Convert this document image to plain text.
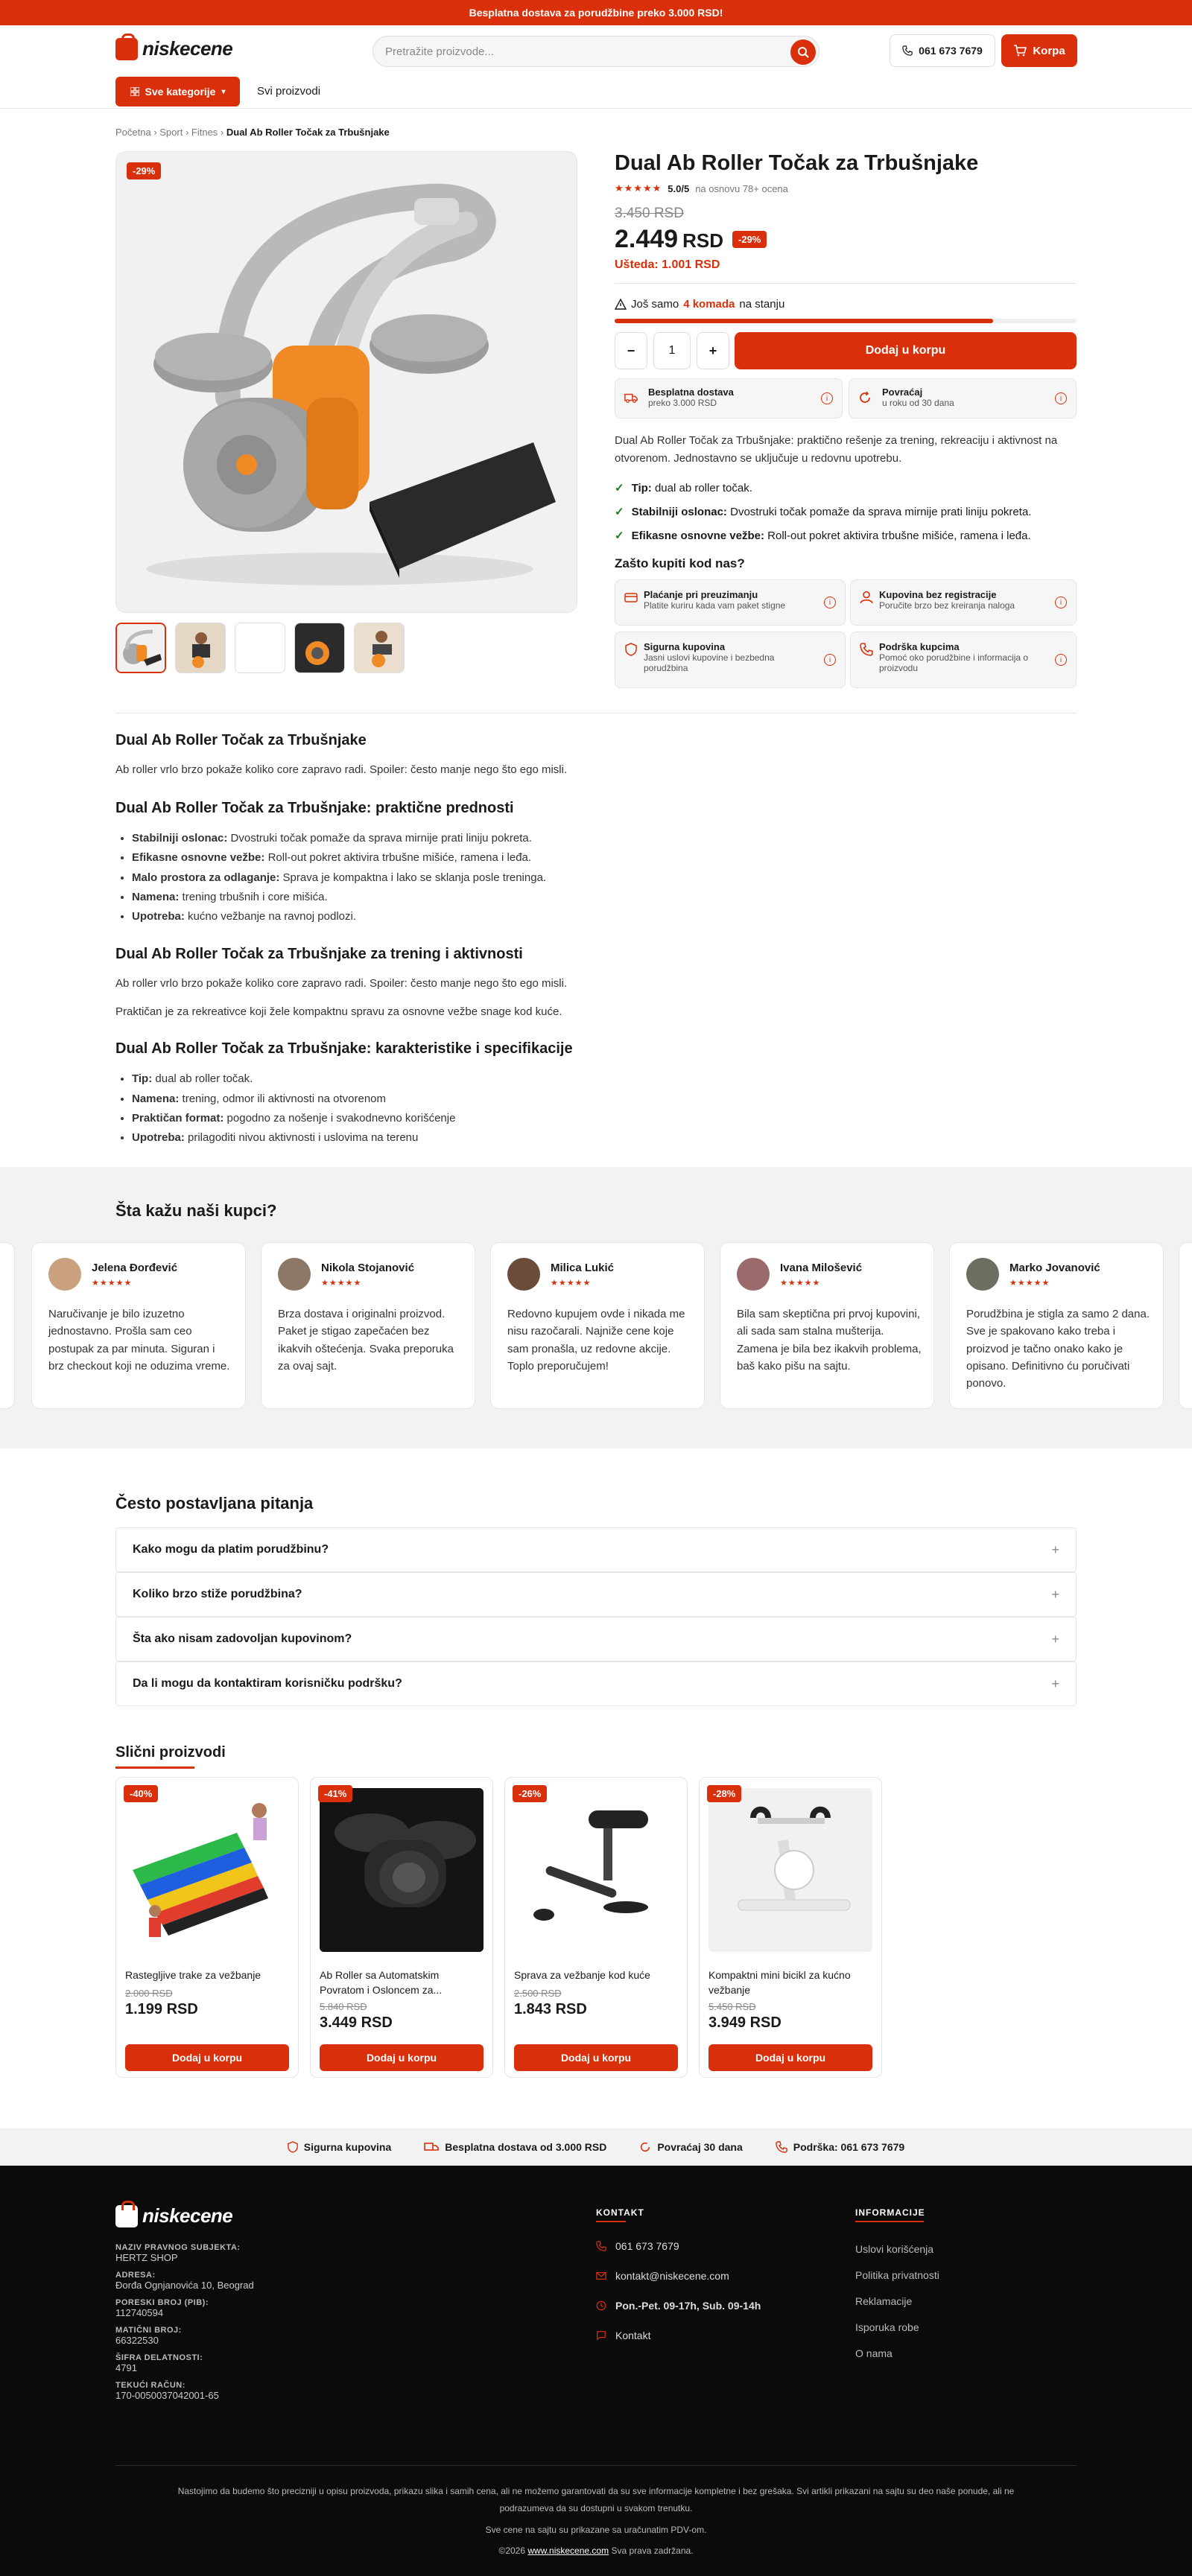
Besplatna dostava za porudžbine preko 3.000 RSD!
niskecene	Pretražite proizvode...	061 673 7679	Korpa
Sve kategorije ▾	Svi proizvodi
Početna › Sport › Fitnes › Dual Ab Roller Točak za Trbušnjake
-29%	Dual Ab Roller Točak za Trbušnjake
★★★★★ 5.0/5 na osnovu 78+ ocena
3.450 RSD
2.449 RSD	-29%
Ušteda: 1.001 RSD
Još samo 4 komada na stanju
−	1	+	Dodaj u korpu
Besplatna dostava
preko 3.000 RSD	i
Povraćaj
u roku od 30 dana	i
Dual Ab Roller Točak za Trbušnjake: praktično rešenje za trening, rekreaciju i aktivnost na otvorenom. Jednostavno se uključuje u redovnu upotrebu.
✓ Tip: dual ab roller točak.
✓ Stabilniji oslonac: Dvostruki točak pomaže da sprava mirnije prati liniju pokreta.
✓ Efikasne osnovne vežbe: Roll-out pokret aktivira trbušne mišiće, ramena i leđa.
Zašto kupiti kod nas?
Plaćanje pri preuzimanju
Platite kuriru kada vam paket stigne	i
Kupovina bez registracije
Poručite brzo bez kreiranja naloga	i
Sigurna kupovina
Jasni uslovi kupovine i bezbedna porudžbina
i
Podrška kupcima
Pomoć oko porudžbine i informacija o proizvodu
i
Dual Ab Roller Točak za Trbušnjake

Ab roller vrlo brzo pokaže koliko core zapravo radi. Spoiler: često manje nego što ego misli.

Dual Ab Roller Točak za Trbušnjake: praktične prednosti
• Stabilniji oslonac: Dvostruki točak pomaže da sprava mirnije prati liniju pokreta.
• Efikasne osnovne vežbe: Roll-out pokret aktivira trbušne mišiće, ramena i leđa.
• Malo prostora za odlaganje: Sprava je kompaktna i lako se sklanja posle treninga.
• Namena: trening trbušnih i core mišića.
• Upotreba: kućno vežbanje na ravnoj podlozi.
Dual Ab Roller Točak za Trbušnjake za trening i aktivnosti

Ab roller vrlo brzo pokaže koliko core zapravo radi. Spoiler: često manje nego što ego misli.

Praktičan je za rekreativce koji žele kompaktnu spravu za osnovne vežbe snage kod kuće.

Dual Ab Roller Točak za Trbušnjake: karakteristike i specifikacije
• Tip: dual ab roller točak.
• Namena: trening, odmor ili aktivnosti na otvorenom
• Praktičan format: pogodno za nošenje i svakodnevno korišćenje
• Upotreba: prilagoditi nivou aktivnosti i uslovima na terenu
Šta kažu naši kupci?
Jelena Đorđević
★★★★★
Naručivanje je bilo izuzetno jednostavno. Prošla sam ceo postupak za par minuta. Siguran i brz checkout koji ne oduzima vreme.
Nikola Stojanović
★★★★★
Brza dostava i originalni proizvod. Paket je stigao zapečaćen bez ikakvih oštećenja. Svaka preporuka za ovaj sajt.
Milica Lukić
★★★★★
Redovno kupujem ovde i nikada me nisu razočarali. Najniže cene koje sam pronašla, uz redovne akcije. Toplo preporučujem!
Ivana Milošević
★★★★★
Bila sam skeptična pri prvoj kupovini, ali sada sam stalna mušterija. Zamena je bila bez ikakvih problema, baš kako pišu na sajtu.
Marko Jovanović
★★★★★
Porudžbina je stigla za samo 2 dana. Sve je spakovano kako treba i proizvod je tačno onako kako je opisano. Definitivno ću poručivati ponovo.
Često postavljana pitanja
Kako mogu da platim porudžbinu?	+
Koliko brzo stiže porudžbina?	+
Šta ako nisam zadovoljan kupovinom?	+
Da li mogu da kontaktiram korisničku podršku?	+
Slični proizvodi
-40%
Rastegljive trake za vežbanje
2.000 RSD
1.199 RSD
Dodaj u korpu
-41%
Ab Roller sa Automatskim Povratom i Osloncem za...
5.840 RSD
3.449 RSD
Dodaj u korpu
-26%
Sprava za vežbanje kod kuće
2.500 RSD
1.843 RSD
Dodaj u korpu
-28%
Kompaktni mini bicikl za kućno vežbanje
5.450 RSD
3.949 RSD
Dodaj u korpu
Sigurna kupovina	Besplatna dostava od 3.000 RSD	Povraćaj 30 dana	Podrška: 061 673 7679
niskecene
NAZIV PRAVNOG SUBJEKTA:
HERTZ SHOP
ADRESA:
Đorđa Ognjanovića 10, Beograd
PORESKI BROJ (PIB):
112740594
MATIČNI BROJ:
66322530
ŠIFRA DELATNOSTI:
4791
TEKUĆI RAČUN:
170-0050037042001-65
KONTAKT
061 673 7679
kontakt@niskecene.com
Pon.-Pet. 09-17h, Sub. 09-14h
Kontakt
INFORMACIJE
Uslovi korišćenja
Politika privatnosti
Reklamacije
Isporuka robe
O nama
Nastojimo da budemo što precizniji u opisu proizvoda, prikazu slika i samih cena, ali ne možemo garantovati da su sve informacije kompletne i bez grešaka. Svi artikli prikazani na sajtu su deo naše ponude, ali ne
podrazumeva da su dostupni u svakom trenutku.
Sve cene na sajtu su prikazane sa uračunatim PDV-om.
©2026 www.niskecene.com Sva prava zadržana.
